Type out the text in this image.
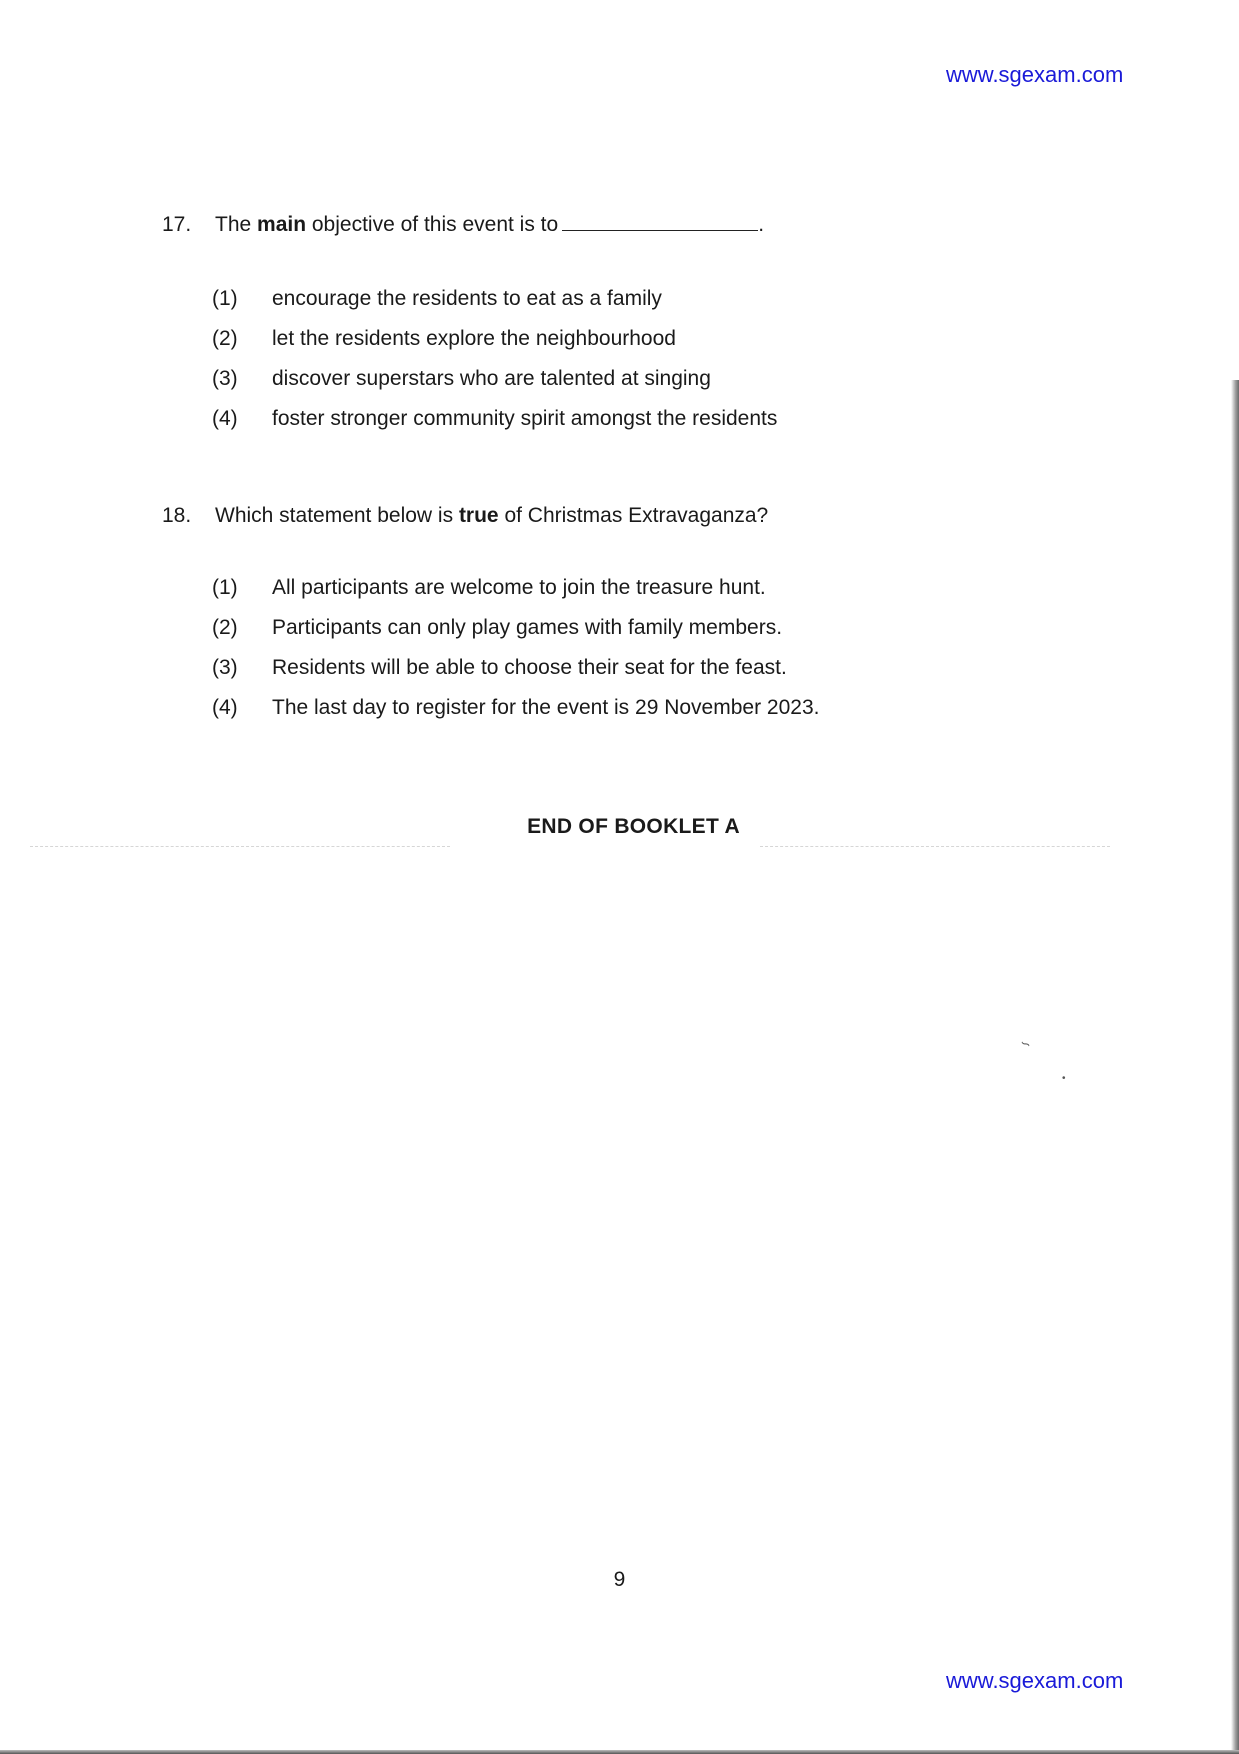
www.sgexam.com
17. The main objective of this event is to	.
(1) encourage the residents to eat as a family
(2) let the residents explore the neighbourhood
(3) discover superstars who are talented at singing
(4) foster stronger community spirit amongst the residents
18. Which statement below is true of Christmas Extravaganza?
(1) All participants are welcome to join the treasure hunt.
(2) Participants can only play games with family members.
(3) Residents will be able to choose their seat for the feast.
(4) The last day to register for the event is 29 November 2023.
END OF BOOKLET A
∽
•
9
www.sgexam.com
